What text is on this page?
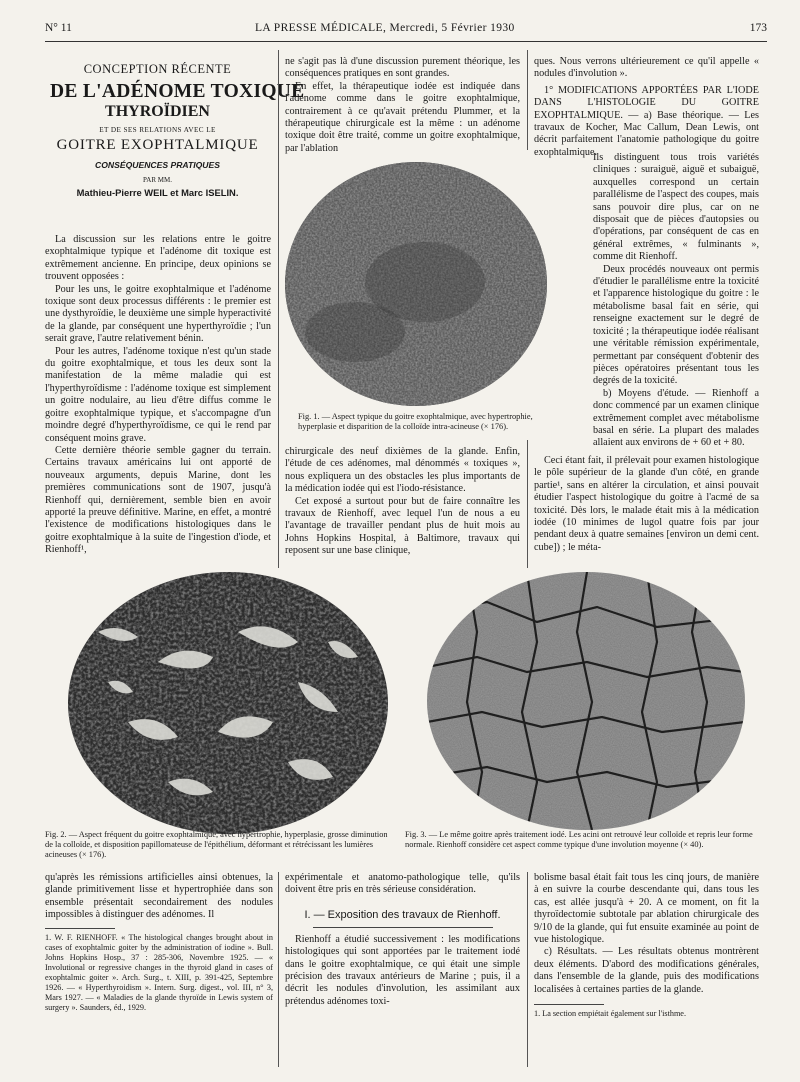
N° 11	LA PRESSE MÉDICALE, Mercredi, 5 Février 1930	173
CONCEPTION RÉCENTE
DE L'ADÉNOME TOXIQUE
THYROÏDIEN
ET DE SES RELATIONS AVEC LE
GOITRE EXOPHTALMIQUE
CONSÉQUENCES PRATIQUES
PAR MM.
Mathieu-Pierre WEIL et Marc ISELIN.

La discussion sur les relations entre le goitre exophtalmique typique et l'adénome dit toxique est extrêmement ancienne. En principe, deux opinions se trouvent opposées :

Pour les uns, le goitre exophtalmique et l'adénome toxique sont deux processus différents : le premier est une dysthyroïdie, le deuxième une simple hyperactivité de la glande, par conséquent une hyperthyroïdie ; l'un serait grave, l'autre relativement bénin.

Pour les autres, l'adénome toxique n'est qu'un stade du goitre exophtalmique, et tous les deux sont la manifestation de la même maladie qui est l'hyperthyroïdisme : l'adénome toxique est simplement un goitre nodulaire, au lieu d'être diffus comme le goitre exophtalmique typique, et s'accompagne d'un moindre degré d'hyperthyroïdisme, ce qui le rend par conséquent moins grave.

Cette dernière théorie semble gagner du terrain. Certains travaux américains lui ont apporté de nouveaux arguments, depuis Marine, dont les premières communications sont de 1907, jusqu'à Rienhoff qui, dernièrement, semble bien en avoir apporté la preuve définitive. Marine, en effet, a montré l'existence de modifications histologiques dans le goitre exophtalmique à la suite de l'ingestion d'iode, et Rienhoff¹,

ne s'agit pas là d'une discussion purement théorique, les conséquences pratiques en sont grandes.

En effet, la thérapeutique iodée est indiquée dans l'adénome comme dans le goitre exophtalmique, contrairement à ce qu'avait prétendu Plummer, et la thérapeutique chirurgicale est la même : un adénome toxique doit être traité, comme un goitre exophtalmique, par l'ablation

Fig. 1. — Aspect typique du goitre exophtalmique, avec hypertrophie, hyperplasie et disparition de la colloïde intra-acineuse (× 176).

chirurgicale des neuf dixièmes de la glande. Enfin, l'étude de ces adénomes, mal dénommés « toxiques », nous expliquera un des obstacles les plus importants de la médication iodée qui est l'iodo-résistance.

Cet exposé a surtout pour but de faire connaître les travaux de Rienhoff, avec lequel l'un de nous a eu l'avantage de travailler pendant plus de huit mois au Johns Hopkins Hospital, à Baltimore, travaux qui reposent sur une base clinique,

ques. Nous verrons ultérieurement ce qu'il appelle « nodules d'involution ».

1° MODIFICATIONS APPORTÉES PAR L'IODE DANS L'HISTOLOGIE DU GOITRE EXOPHTALMIQUE. — a) Base théorique. — Les travaux de Kocher, Mac Callum, Dean Lewis, ont décrit parfaitement l'anatomie pathologique du goitre exophtalmique.

Ils distinguent tous trois variétés cliniques : suraiguë, aiguë et subaiguë, auxquelles correspond un certain parallélisme de l'aspect des coupes, mais sans pouvoir dire plus, car on ne disposait que de pièces d'autopsies ou d'opérations, par conséquent de cas en général extrêmes, « fulminants », comme dit Rienhoff.

Deux procédés nouveaux ont permis d'étudier le parallélisme entre la toxicité et l'apparence histologique du goitre : le métabolisme basal fait en série, qui renseigne exactement sur le degré de toxicité ; la thérapeutique iodée réalisant une véritable rémission expérimentale, permettant par conséquent d'obtenir des pièces opératoires présentant tous les degrés de la toxicité.

b) Moyens d'étude. — Rienhoff a donc commencé par un examen clinique extrêmement complet avec métabolisme basal en série. La plupart des malades allaient aux environs de + 60 et + 80.

Ceci étant fait, il prélevait pour examen histologique le pôle supérieur de la glande d'un côté, en grande partie¹, sans en altérer la circulation, et ainsi pouvait étudier l'aspect histologique du goitre à l'acmé de sa toxicité. Dès lors, le malade était mis à la médication iodée (10 minimes de lugol quatre fois par jour pendant deux à quatre semaines [environ un demi cent. cube]) ; le méta-

Fig. 2. — Aspect fréquent du goitre exophtalmique, avec hypertrophie, hyperplasie, grosse diminution de la colloïde, et disposition papillomateuse de l'épithélium, déformant et rétrécissant les lumières acineuses (× 176).
Fig. 3. — Le même goitre après traitement iodé. Les acini ont retrouvé leur colloïde et repris leur forme normale. Rienhoff considère cet aspect comme typique d'une involution moyenne (× 40).

qu'après les rémissions artificielles ainsi obtenues, la glande primitivement lisse et hypertrophiée dans son ensemble présentait secondairement des nodules impossibles à distinguer des adénomes. Il

1. W. F. RIENHOFF. « The histological changes brought about in cases of exophtalmic goiter by the administration of iodine ». Bull. Johns Hopkins Hosp., 37 : 285-306, Novembre 1925. — « Involutional or regressive changes in the thyroid gland in cases of exophtalmic goiter ». Arch. Surg., t. XIII, p. 391-425, Septembre 1926. — « Hyperthyroidism ». Intern. Surg. digest., vol. III, n° 3, Mars 1927. — « Maladies de la glande thyroïde in Lewis system of surgery ». Saunders, éd., 1929.

expérimentale et anatomo-pathologique telle, qu'ils doivent être pris en très sérieuse considération.

I. — Exposition des travaux de Rienhoff.

Rienhoff a étudié successivement : les modifications histologiques qui sont apportées par le traitement iodé dans le goitre exophtalmique, ce qui était une simple précision des travaux antérieurs de Marine ; puis, il a décrit les nodules d'involution, les assimilant aux prétendus adénomes toxi-

bolisme basal était fait tous les cinq jours, de manière à en suivre la courbe descendante qui, dans tous les cas, est allée jusqu'à + 20. A ce moment, on fit la thyroïdectomie subtotale par ablation chirurgicale des 9/10 de la glande, qui fut ensuite examinée au point de vue histologique.

c) Résultats. — Les résultats obtenus montrèrent deux éléments. D'abord des modifications générales, dans l'ensemble de la glande, puis des modifications localisées à certaines parties de la glande.

1. La section empiétait également sur l'isthme.
